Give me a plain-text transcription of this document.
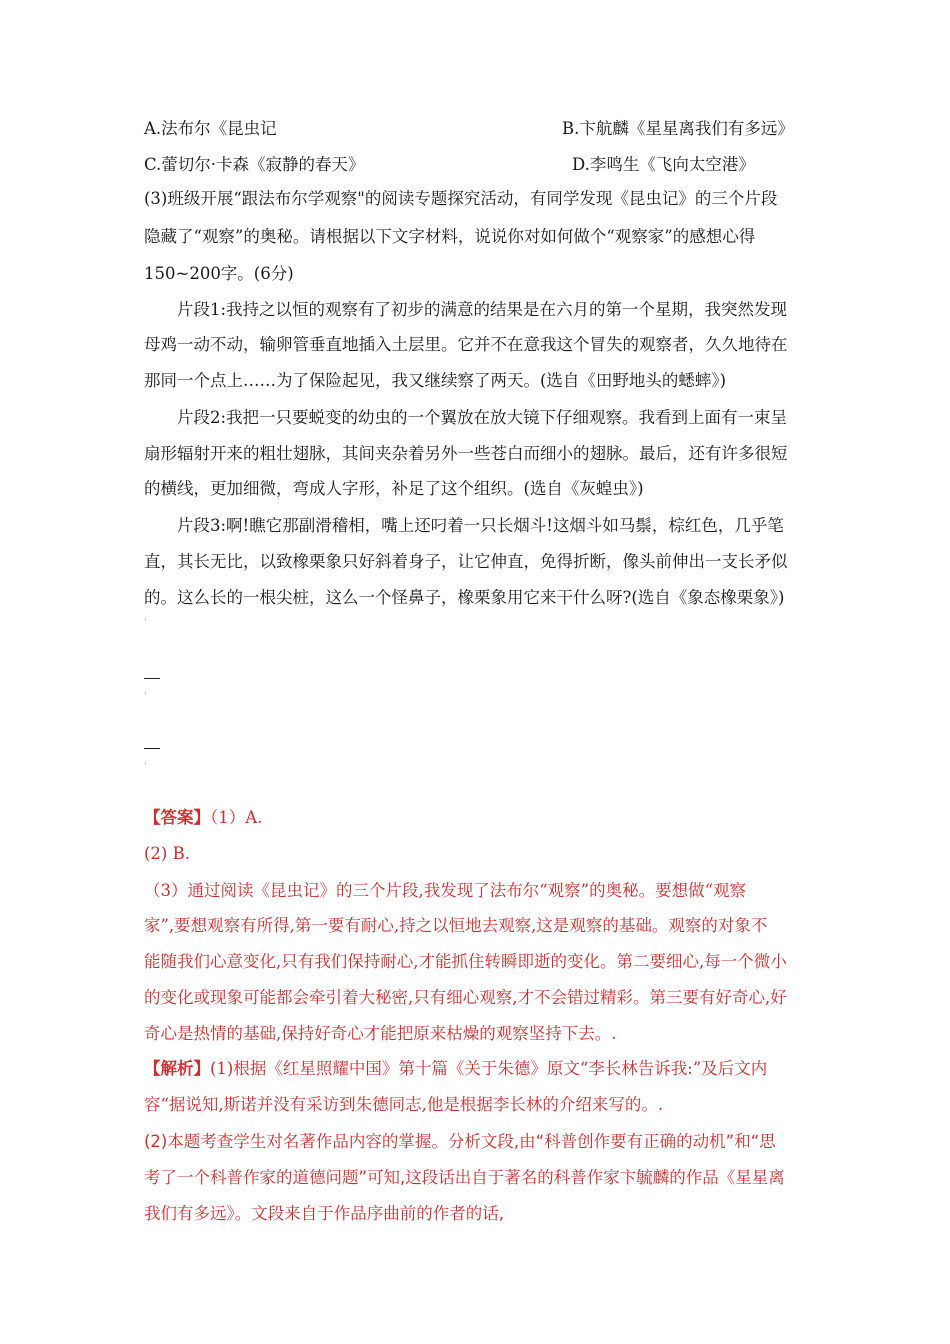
A.法布尔《昆虫记	B.卞航麟《星星离我们有多远》
C.蕾切尔·卡森《寂静的春天》	D.李鸣生《飞向太空港》
(3)班级开展“跟法布尔学观察"的阅读专题探究活动，有同学发现《昆虫记》的三个片段
隐藏了“观察”的奥秘。请根据以下文字材料，说说你对如何做个“观察家”的感想心得
150~200字。(6分)
片段1:我持之以恒的观察有了初步的满意的结果是在六月的第一个星期，我突然发现
母鸡一动不动，输卵管垂直地插入土层里。它并不在意我这个冒失的观察者，久久地待在
那同一个点上……为了保险起见，我又继续察了两天。(选自《田野地头的蟋蟀》)
片段2:我把一只要蜕变的幼虫的一个翼放在放大镜下仔细观察。我看到上面有一束呈
扇形辐射开来的粗壮翅脉，其间夹杂着另外一些苍白而细小的翅脉。最后，还有许多很短
的横线，更加细微，弯成人字形，补足了这个组织。(选自《灰蝗虫》)
片段3:啊!瞧它那副滑稽相，嘴上还叼着一只长烟斗!这烟斗如马鬃，棕红色，几乎笔
直，其长无比，以致橡栗象只好斜着身子，让它伸直，免得折断，像头前伸出一支长矛似
的。这么长的一根尖桩，这么一个怪鼻子，橡栗象用它来干什么呀?(选自《象态橡栗象》)
'
'
'
【答案】（1）A.
(2) B.
（3）通过阅读《昆虫记》的三个片段,我发现了法布尔“观察”的奥秘。要想做“观察
家”,要想观察有所得,第一要有耐心,持之以恒地去观察,这是观察的基础。观察的对象不
能随我们心意变化,只有我们保持耐心,才能抓住转瞬即逝的变化。第二要细心,每一个微小
的变化或现象可能都会牵引着大秘密,只有细心观察,才不会错过精彩。第三要有好奇心,好
奇心是热情的基础,保持好奇心才能把原来枯燥的观察坚持下去。.
【解析】(1)根据《红星照耀中国》第十篇《关于朱德》原文“李长林告诉我:”及后文内
容“据说知,斯诺并没有采访到朱德同志,他是根据李长林的介绍来写的。.
(2)本题考查学生对名著作品内容的掌握。分析文段,由“科普创作要有正确的动机”和“思
考了一个科普作家的道德问题”可知,这段话出自于著名的科普作家卞毓麟的作品《星星离
我们有多远》。文段来自于作品序曲前的作者的话,
